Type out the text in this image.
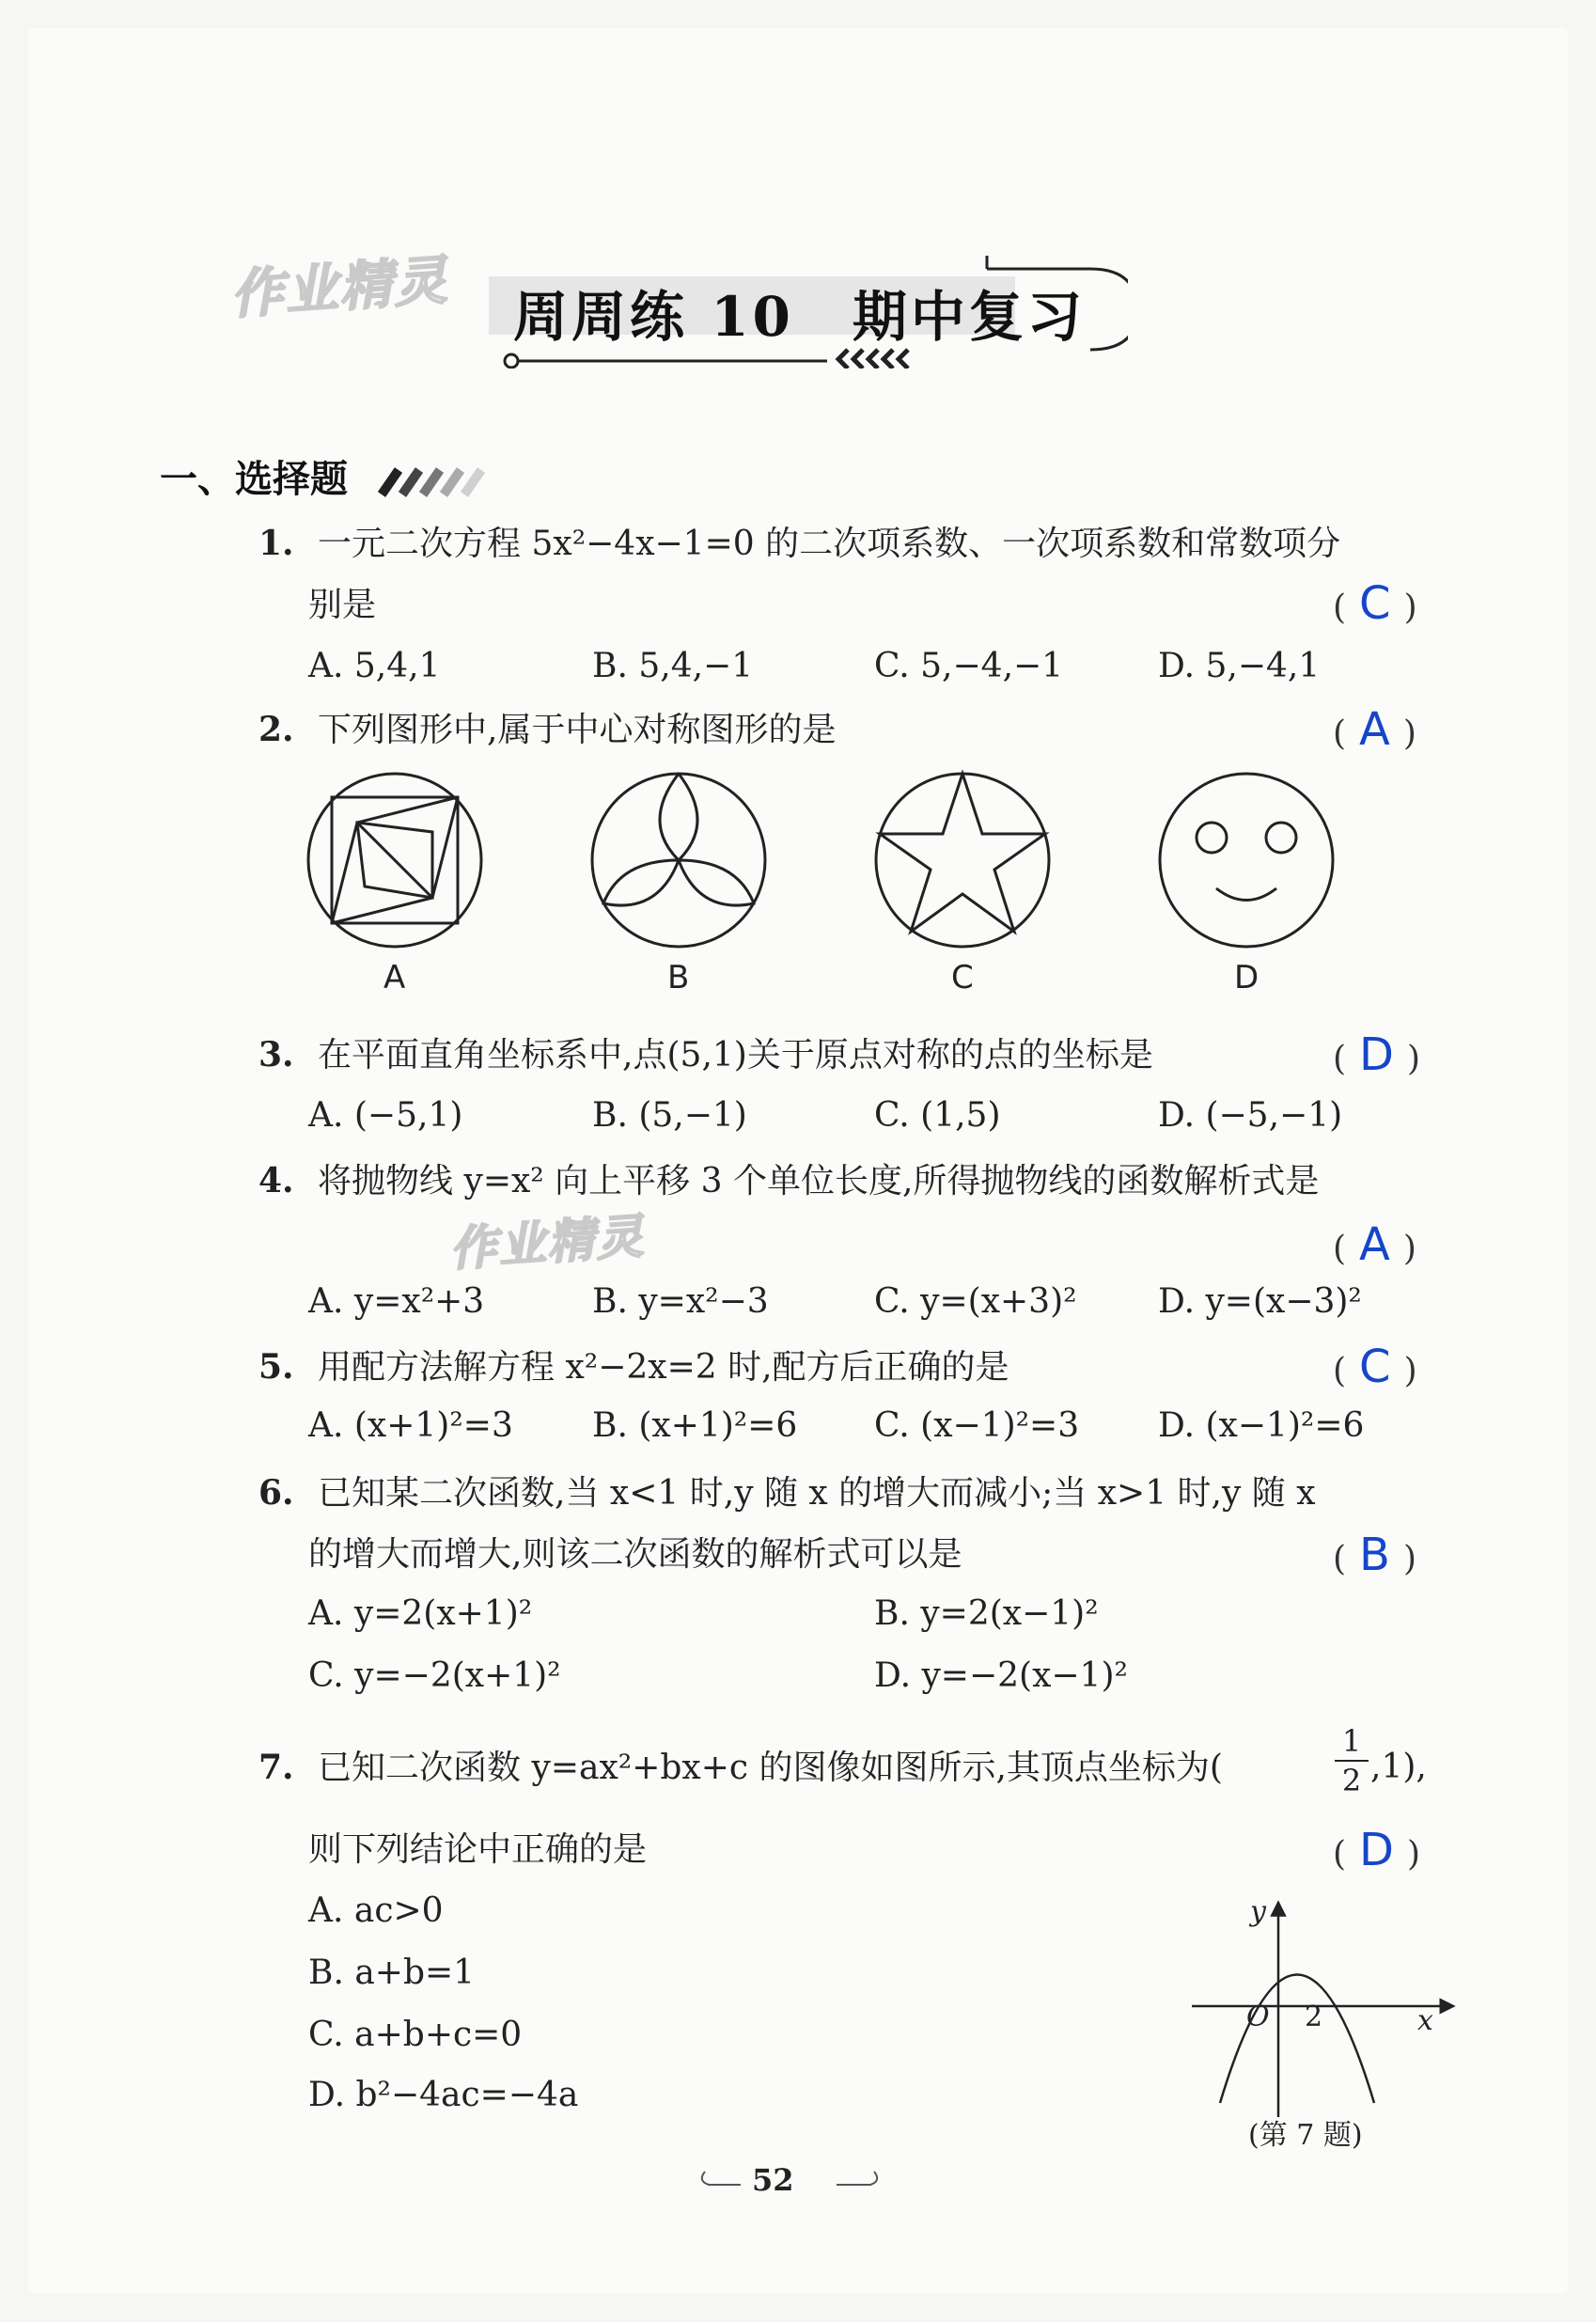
作业精灵
作业精灵
周周练 10　期中复习
一、选择题
1. 一元二次方程 5x²−4x−1=0 的二次项系数、一次项系数和常数项分
别是	( C )
A. 5,4,1	B. 5,4,−1	C. 5,−4,−1	D. 5,−4,1
2. 下列图形中,属于中心对称图形的是	( A )
A	B	C	D
3. 在平面直角坐标系中,点(5,1)关于原点对称的点的坐标是	( D )
A. (−5,1)	B. (5,−1)	C. (1,5)	D. (−5,−1)
4. 将抛物线 y=x² 向上平移 3 个单位长度,所得抛物线的函数解析式是
( A )
A. y=x²+3	B. y=x²−3	C. y=(x+3)² D. y=(x−3)²
5. 用配方法解方程 x²−2x=2 时,配方后正确的是	( C )
A. (x+1)²=3 B. (x+1)²=6 C. (x−1)²=3 D. (x−1)²=6
6. 已知某二次函数,当 x<1 时,y 随 x 的增大而减小;当 x>1 时,y 随 x
的增大而增大,则该二次函数的解析式可以是	( B )
A. y=2(x+1)²	B. y=2(x−1)²
C. y=−2(x+1)²	D. y=−2(x−1)²
7. 已知二次函数 y=ax²+bx+c 的图像如图所示,其顶点坐标为(	$\frac{1}{2} ,1$),
则下列结论中正确的是	( D )
A. ac>0
B. a+b=1
C. a+b+c=0
D. b²−4ac=−4a
y
x
O 2
(第 7 题)
52
